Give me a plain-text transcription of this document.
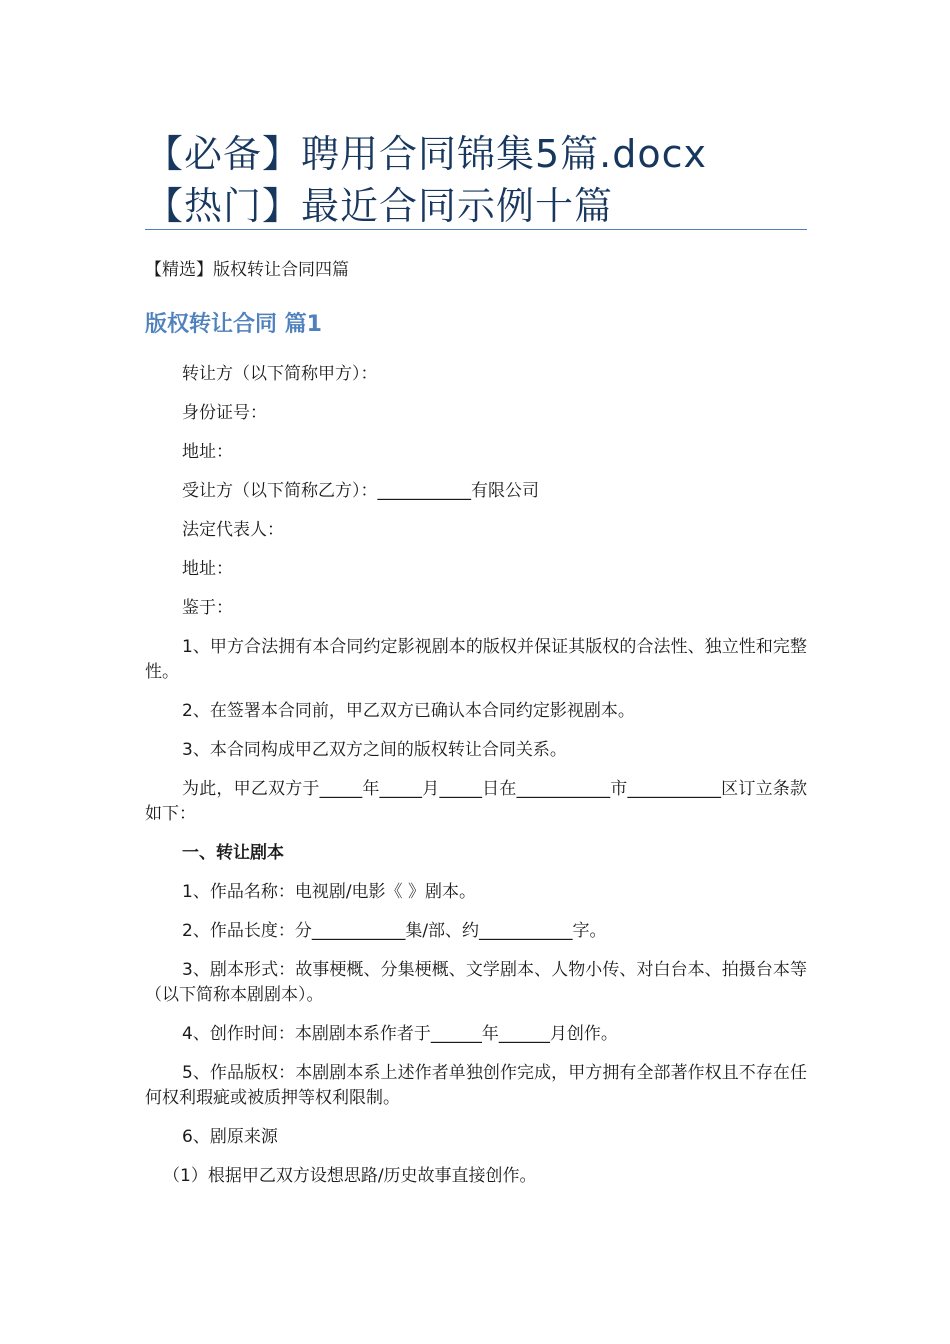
【必备】聘用合同锦集5篇.docx
【热门】最近合同示例十篇
【精选】版权转让合同四篇
版权转让合同 篇1

转让方（以下简称甲方）：

身份证号：

地址：

受让方（以下简称乙方）：___________有限公司

法定代表人：

地址：

鉴于：

1、甲方合法拥有本合同约定影视剧本的版权并保证其版权的合法性、独立性和完整性。

2、在签署本合同前，甲乙双方已确认本合同约定影视剧本。

3、本合同构成甲乙双方之间的版权转让合同关系。

为此，甲乙双方于_____年_____月_____日在___________市___________区订立条款如下：

一、转让剧本

1、作品名称：电视剧/电影《 》剧本。

2、作品长度：分___________集/部、约___________字。

3、剧本形式：故事梗概、分集梗概、文学剧本、人物小传、对白台本、拍摄台本等（以下简称本剧剧本）。

4、创作时间：本剧剧本系作者于______年______月创作。

5、作品版权：本剧剧本系上述作者单独创作完成，甲方拥有全部著作权且不存在任何权利瑕疵或被质押等权利限制。

6、剧原来源

（1）根据甲乙双方设想思路/历史故事直接创作。
